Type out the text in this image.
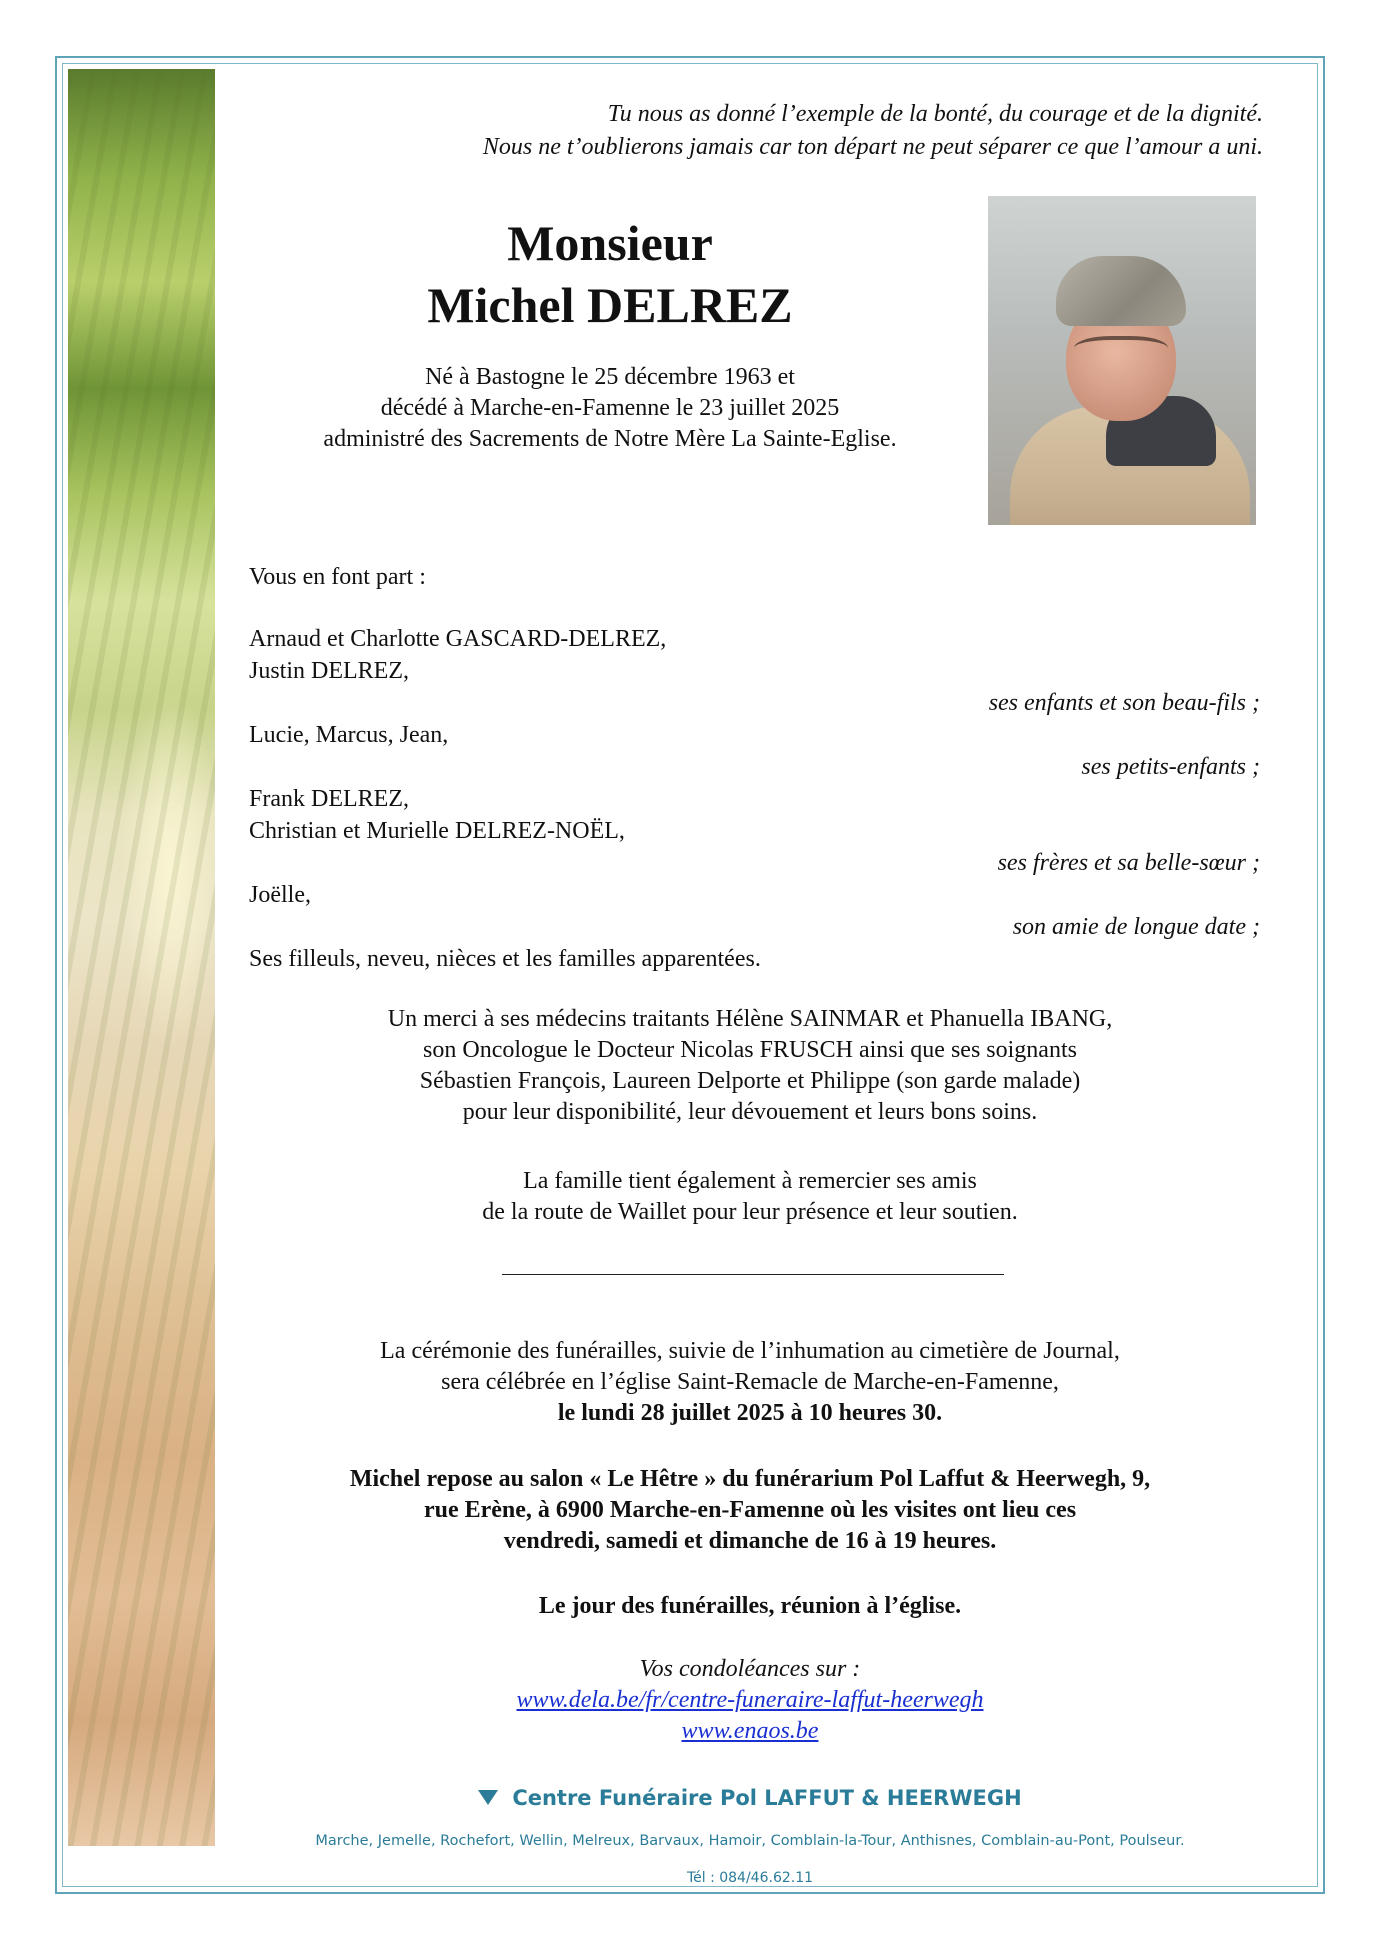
Tu nous as donné l’exemple de la bonté, du courage et de la dignité.
Nous ne t’oublierons jamais car ton départ ne peut séparer ce que l’amour a uni.
Monsieur
Michel DELREZ
Né à Bastogne le 25 décembre 1963 et
décédé à Marche-en-Famenne le 23 juillet 2025
administré des Sacrements de Notre Mère La Sainte-Eglise.
Vous en font part :
Arnaud et Charlotte GASCARD-DELREZ,
Justin DELREZ,
ses enfants et son beau-fils ;
Lucie, Marcus, Jean,
ses petits-enfants ;
Frank DELREZ,
Christian et Murielle DELREZ-NOËL,
ses frères et sa belle-sœur ;
Joëlle,
son amie de longue date ;
Ses filleuls, neveu, nièces et les familles apparentées.
Un merci à ses médecins traitants Hélène SAINMAR et Phanuella IBANG,
son Oncologue le Docteur Nicolas FRUSCH ainsi que ses soignants
Sébastien François, Laureen Delporte et Philippe (son garde malade)
pour leur disponibilité, leur dévouement et leurs bons soins.
La famille tient également à remercier ses amis
de la route de Waillet pour leur présence et leur soutien.
La cérémonie des funérailles, suivie de l’inhumation au cimetière de Journal,
sera célébrée en l’église Saint-Remacle de Marche-en-Famenne,
le lundi 28 juillet 2025 à 10 heures 30.
Michel repose au salon « Le Hêtre » du funérarium Pol Laffut & Heerwegh, 9,
rue Erène, à 6900 Marche-en-Famenne où les visites ont lieu ces
vendredi, samedi et dimanche de 16 à 19 heures.
Le jour des funérailles, réunion à l’église.
Vos condoléances sur :
www.dela.be/fr/centre-funeraire-laffut-heerwegh
www.enaos.be
Centre Funéraire Pol LAFFUT & HEERWEGH
Marche, Jemelle, Rochefort, Wellin, Melreux, Barvaux, Hamoir, Comblain-la-Tour, Anthisnes, Comblain-au-Pont, Poulseur.
Tél : 084/46.62.11
